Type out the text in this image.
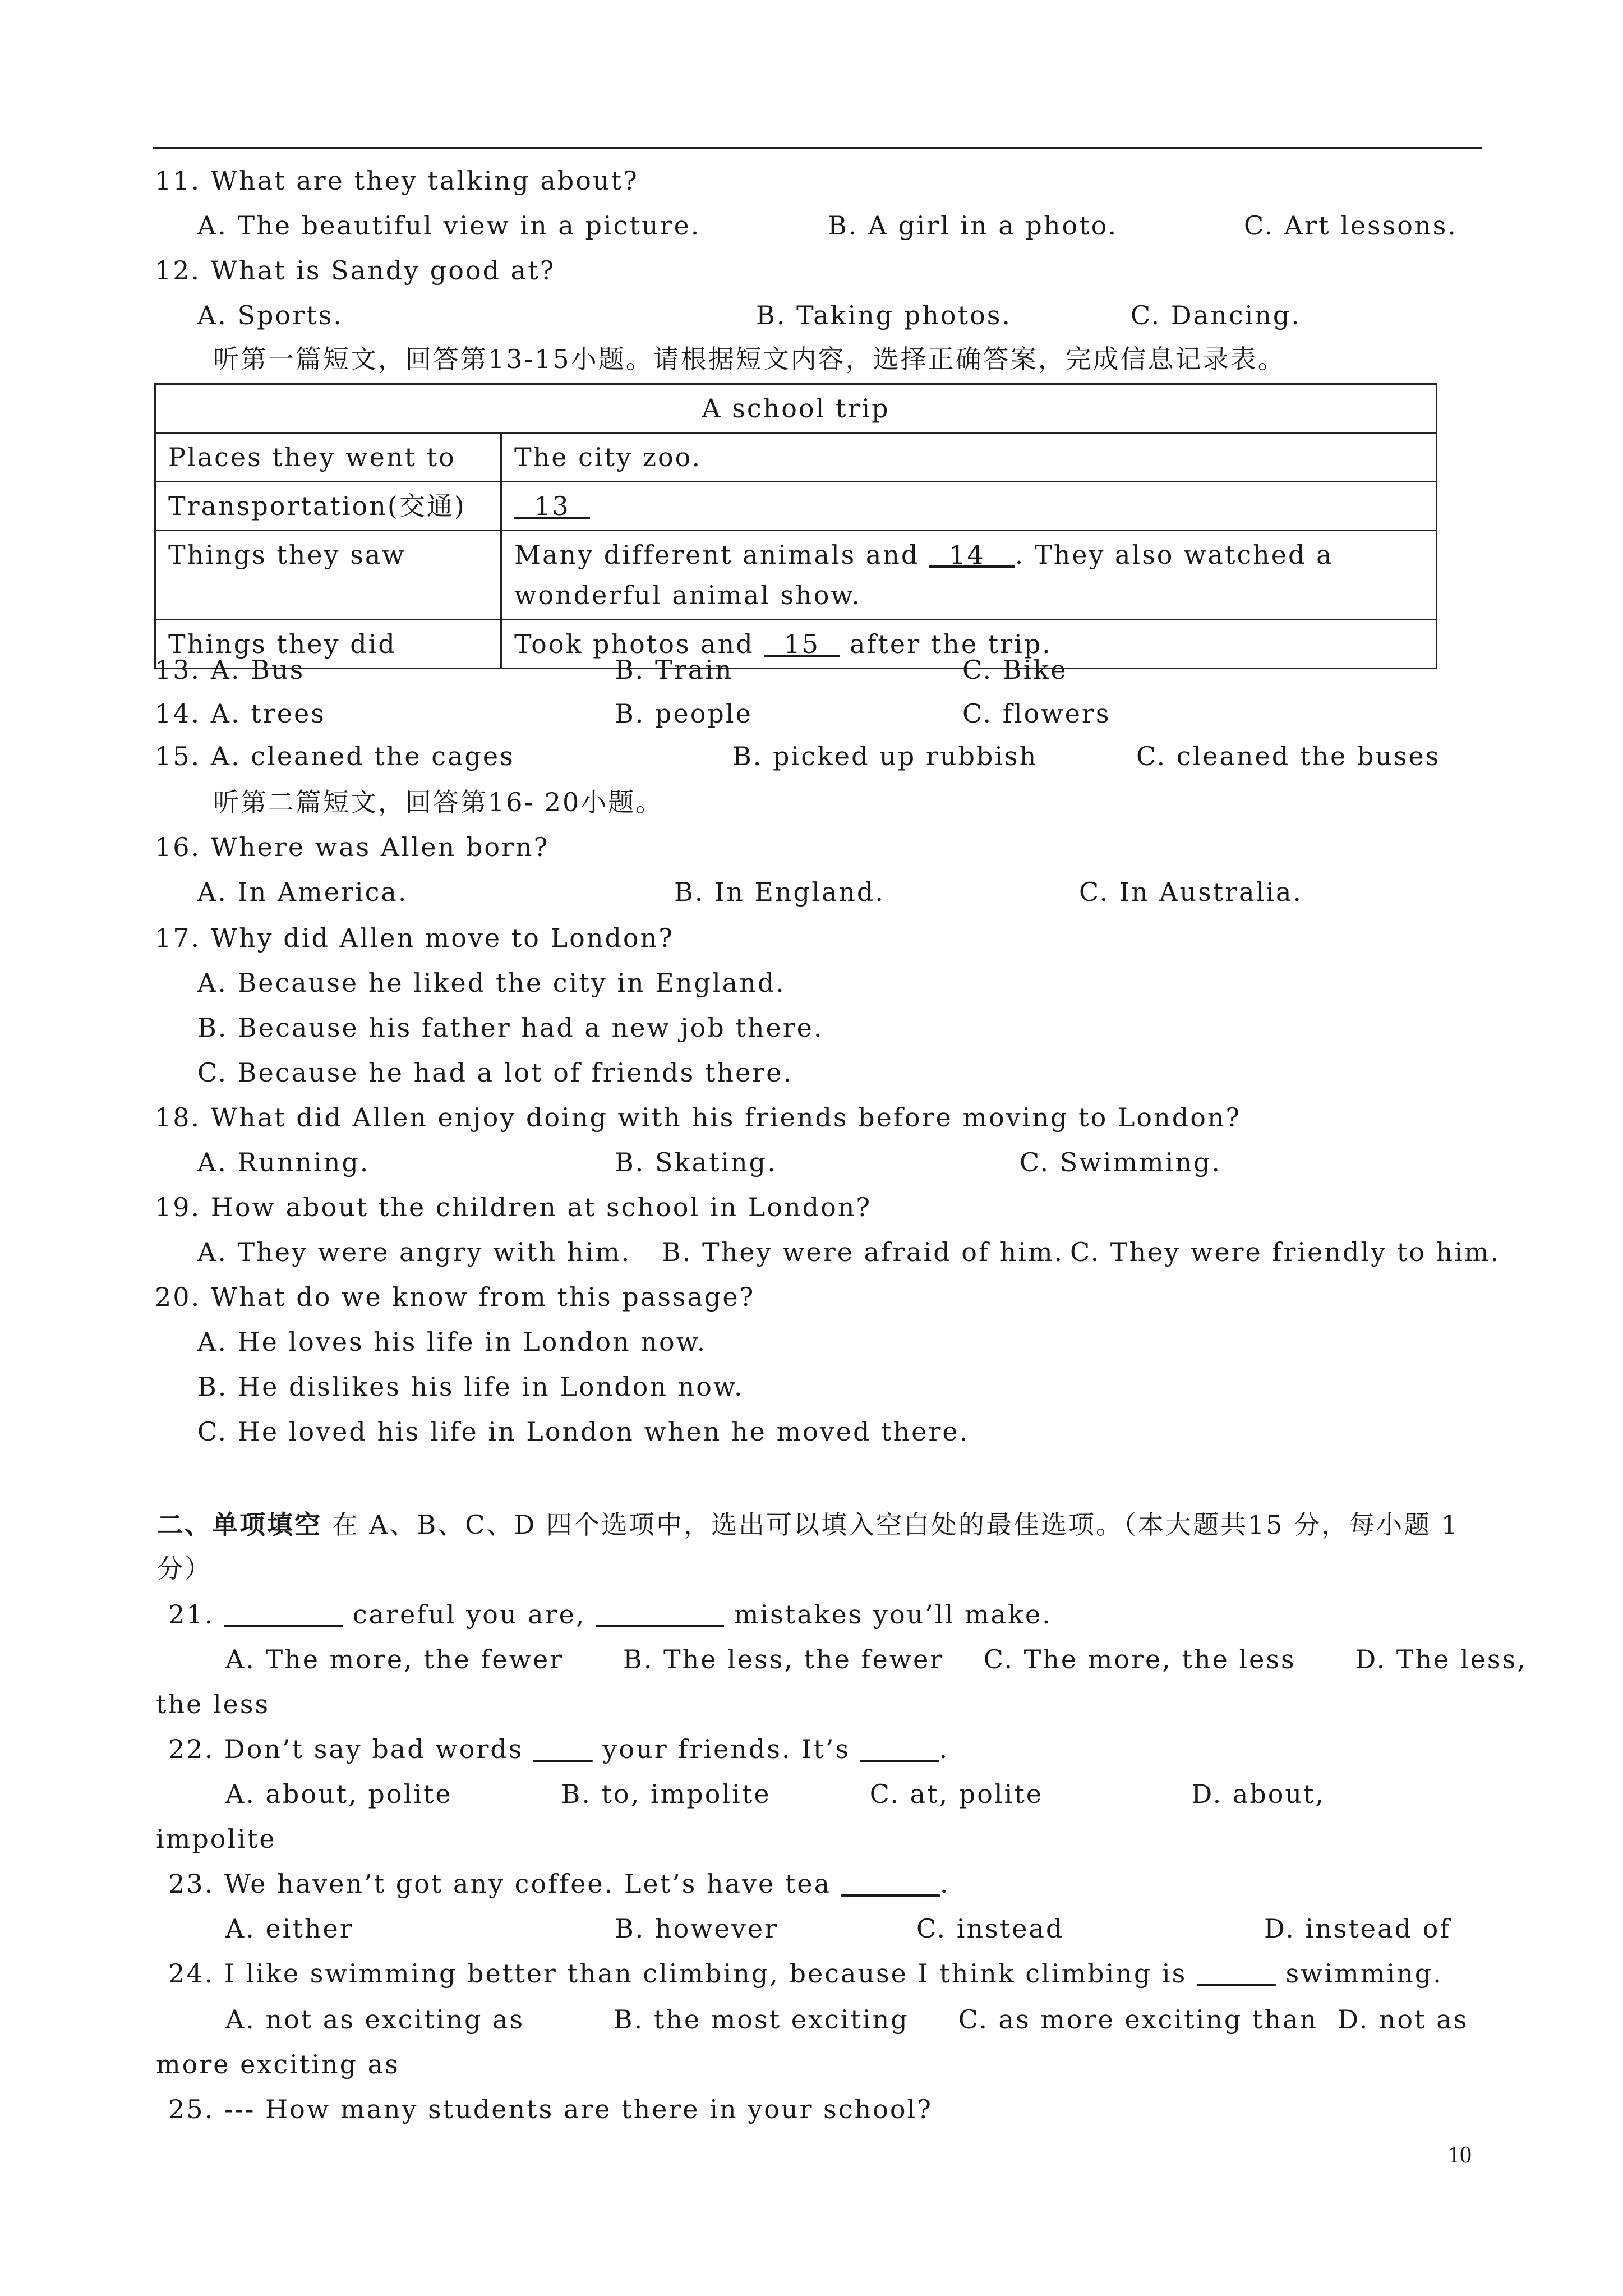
11. What are they talking about?
A. The beautiful view in a picture.	B. A girl in a photo.	C. Art lessons.
12. What is Sandy good at?
A. Sports.	B. Taking photos.	C. Dancing.
听第一篇短文，回答第13-15小题。请根据短文内容，选择正确答案，完成信息记录表。
A school trip	
Places they went to	The city zoo.
Transportation(交通)	13
Things they saw	Many different animals and   14   . They also watched a wonderful animal show.
Things they did	Took photos and   15   after the trip.
13. A. Bus	B. Train	C. Bike
14. A. trees	B. people	C. flowers
15. A. cleaned the cages	B. picked up rubbish	C. cleaned the buses
听第二篇短文，回答第16- 20小题。
16. Where was Allen born?
A. In America.	B. In England.	C. In Australia.
17. Why did Allen move to London?
A. Because he liked the city in England.
B. Because his father had a new job there.
C. Because he had a lot of friends there.
18. What did Allen enjoy doing with his friends before moving to London?
A. Running.	B. Skating.	C. Swimming.
19. How about the children at school in London?
A. They were angry with him. B. They were afraid of him. C. They were friendly to him.
20. What do we know from this passage?
A. He loves his life in London now.
B. He dislikes his life in London now.
C. He loved his life in London when he moved there.
二、单项填空 在 A、B、C、D 四个选项中，选出可以填入空白处的最佳选项。（本大题共15 分，每小题 1
分）
21.	careful you are,	mistakes you’ll make.
A. The more, the fewer      B. The less, the fewer    C. The more, the less      D. The less,
the less
22. Don’t say bad words        your friends. It’s	.
A. about, polite           B. to, impolite          C. at, polite               D. about,
impolite
23. We haven’t got any coffee. Let’s have tea	.
A. either	B. however	C. instead	D. instead of
24. I like swimming better than climbing, because I think climbing is	swimming.
A. not as exciting as         B. the most exciting     C. as more exciting than  D. not as
more exciting as
25. --- How many students are there in your school?
10
